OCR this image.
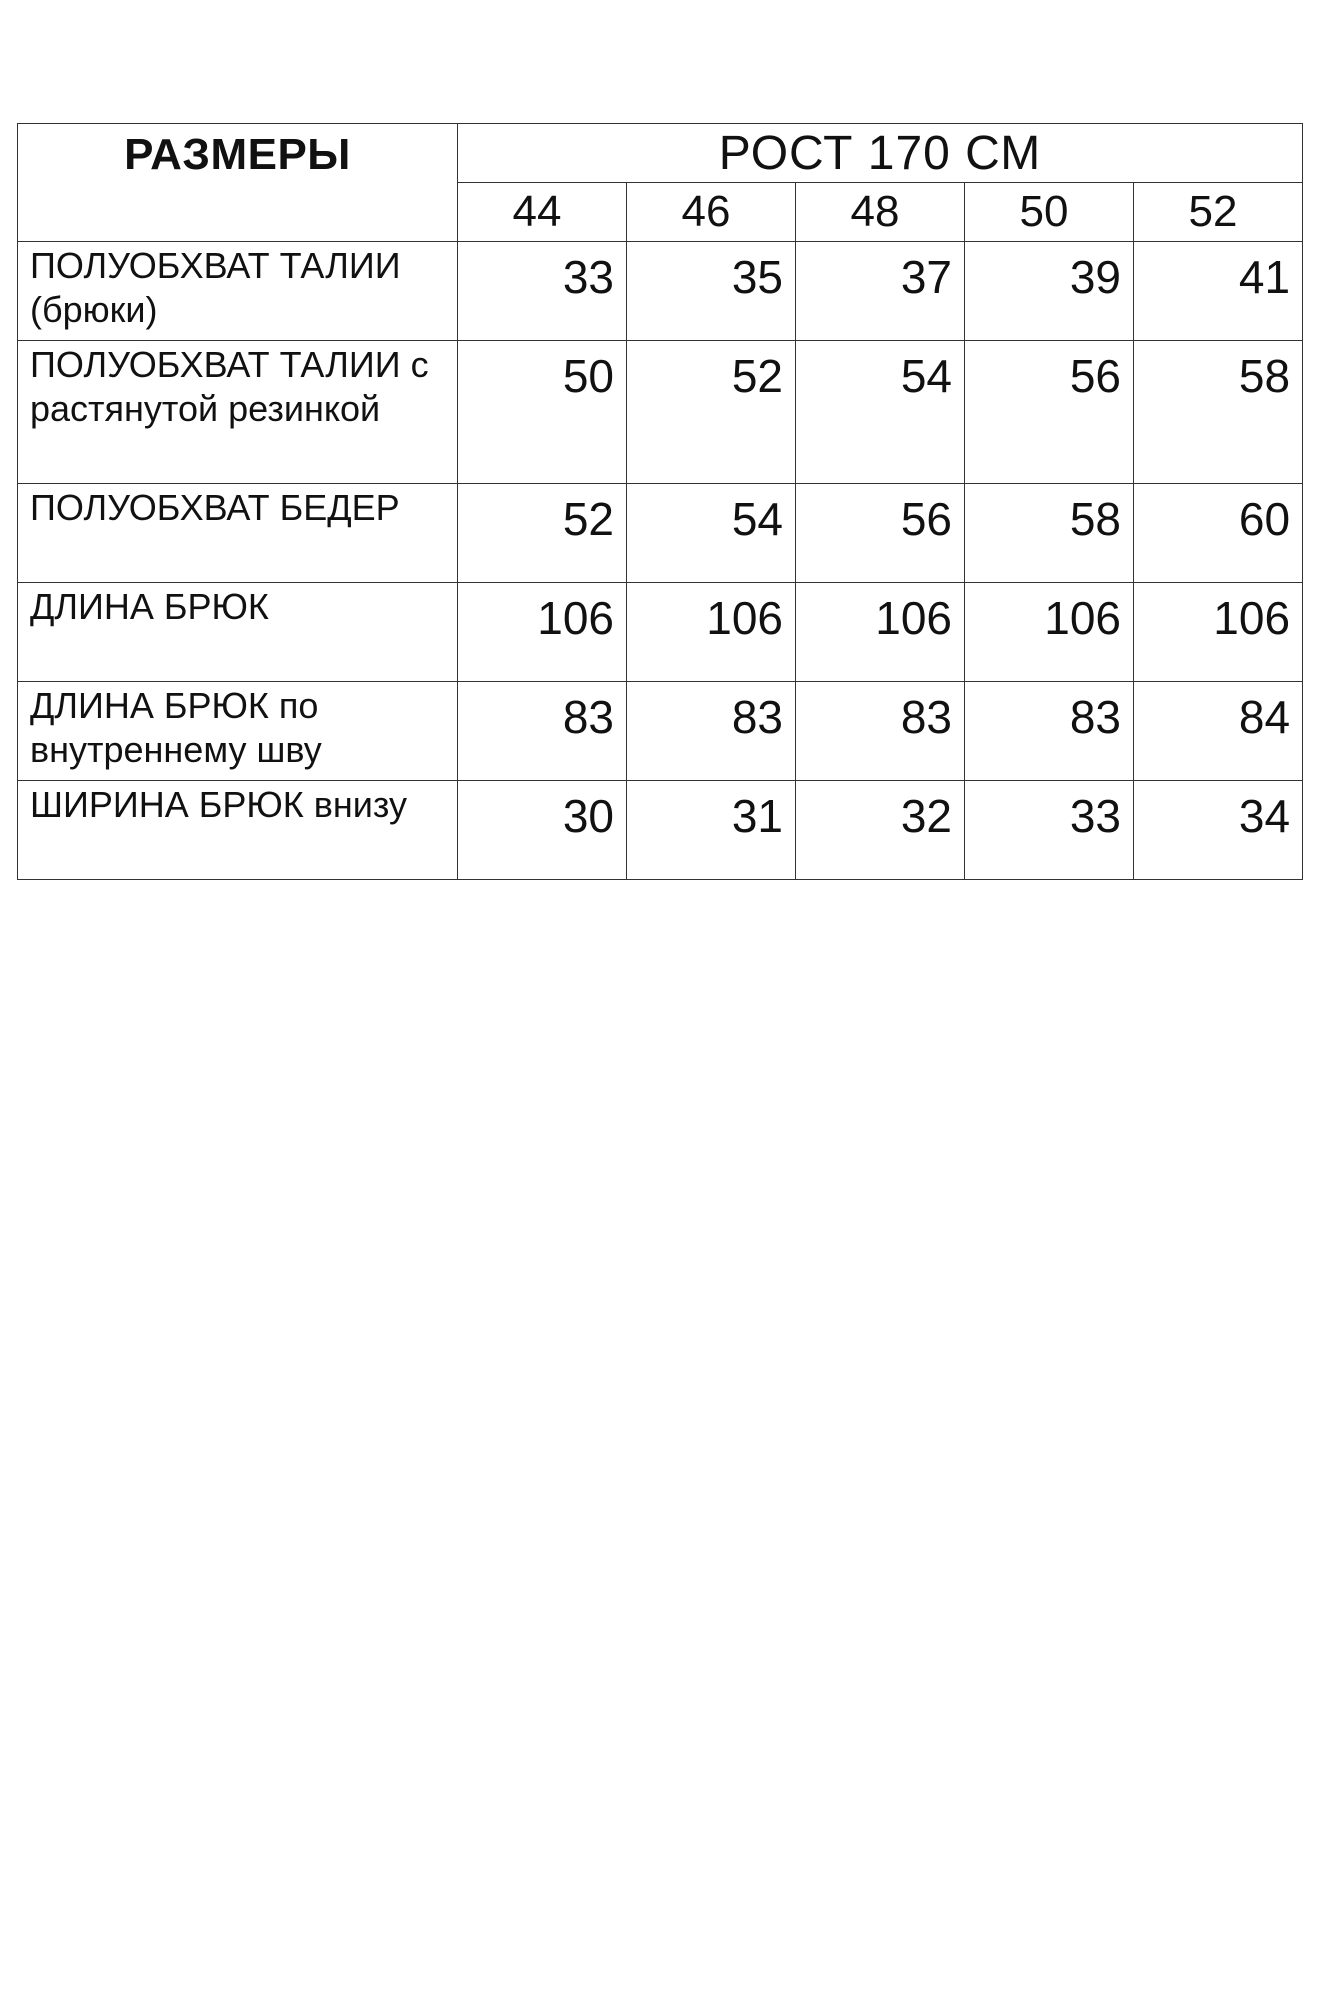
РАЗМЕРЫ	РОСТ 170 СМ				
	44	46	48	50	52
ПОЛУОБХВАТ ТАЛИИ (брюки)	33	35	37	39	41
ПОЛУОБХВАТ ТАЛИИ с растянутой резинкой	50	52	54	56	58
ПОЛУОБХВАТ БЕДЕР	52	54	56	58	60
ДЛИНА БРЮК	106	106	106	106	106
ДЛИНА БРЮК по внутреннему шву	83	83	83	83	84
ШИРИНА БРЮК внизу	30	31	32	33	34
